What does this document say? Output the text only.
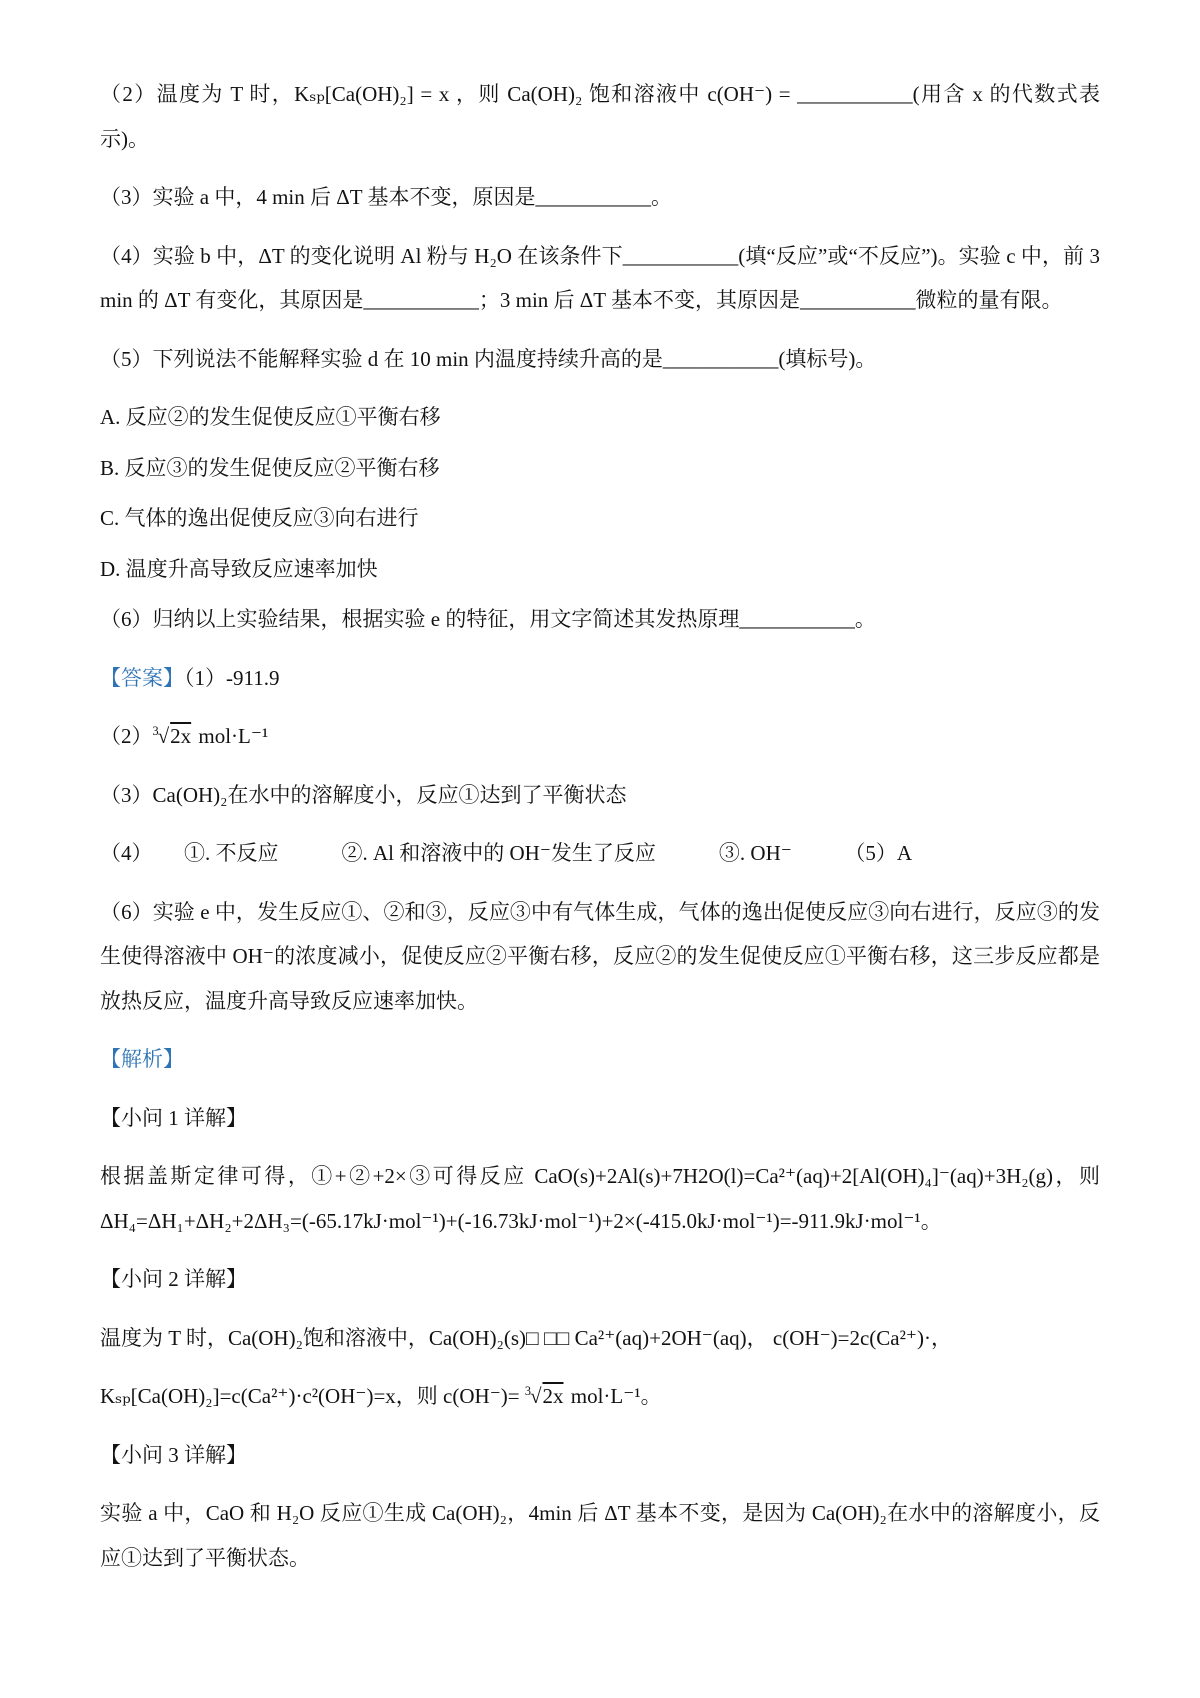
（2）温度为 T 时，Kₛₚ[Ca(OH)₂] = x ，则 Ca(OH)₂ 饱和溶液中 c(OH⁻) = ___________(用含 x 的代数式表示)。

（3）实验 a 中，4 min 后 ΔT 基本不变，原因是___________。

（4）实验 b 中，ΔT 的变化说明 Al 粉与 H₂O 在该条件下___________(填“反应”或“不反应”)。实验 c 中，前 3 min 的 ΔT 有变化，其原因是___________；3 min 后 ΔT 基本不变，其原因是___________微粒的量有限。

（5）下列说法不能解释实验 d 在 10 min 内温度持续升高的是___________(填标号)。

A. 反应②的发生促使反应①平衡右移

B. 反应③的发生促使反应②平衡右移

C. 气体的逸出促使反应③向右进行

D. 温度升高导致反应速率加快

（6）归纳以上实验结果，根据实验 e 的特征，用文字简述其发热原理___________。

【答案】（1）-911.9

$(2)^3√2x$ mol·L⁻¹

（3）Ca(OH)₂在水中的溶解度小，反应①达到了平衡状态

（4）　　①. 不反应　　　②. Al 和溶液中的 OH⁻发生了反应　　　③. OH⁻　　　（5）A

（6）实验 e 中，发生反应①、②和③，反应③中有气体生成，气体的逸出促使反应③向右进行，反应③的发生使得溶液中 OH⁻的浓度减小，促使反应②平衡右移，反应②的发生促使反应①平衡右移，这三步反应都是放热反应，温度升高导致反应速率加快。

【解析】

【小问 1 详解】

根据盖斯定律可得，①+②+2×③可得反应 CaO(s)+2Al(s)+7H2O(l)=Ca²⁺(aq)+2[Al(OH)₄]⁻(aq)+3H₂(g)，则 ΔH₄=ΔH₁+ΔH₂+2ΔH₃=(-65.17kJ·mol⁻¹)+(-16.73kJ·mol⁻¹)+2×(-415.0kJ·mol⁻¹)=-911.9kJ·mol⁻¹。

【小问 2 详解】

温度为 T 时，Ca(OH)₂饱和溶液中，Ca(OH)₂(s)□ □□ Ca²⁺(aq)+2OH⁻(aq)， c(OH⁻)=2c(Ca²⁺)·，

Kₛₚ[Ca(OH)₂]=c(Ca²⁺)·c²(OH⁻)=x，则 c(OH⁻)= $^3$√2x mol·L⁻¹。

【小问 3 详解】

实验 a 中，CaO 和 H₂O 反应①生成 Ca(OH)₂，4min 后 ΔT 基本不变，是因为 Ca(OH)₂在水中的溶解度小，反应①达到了平衡状态。
